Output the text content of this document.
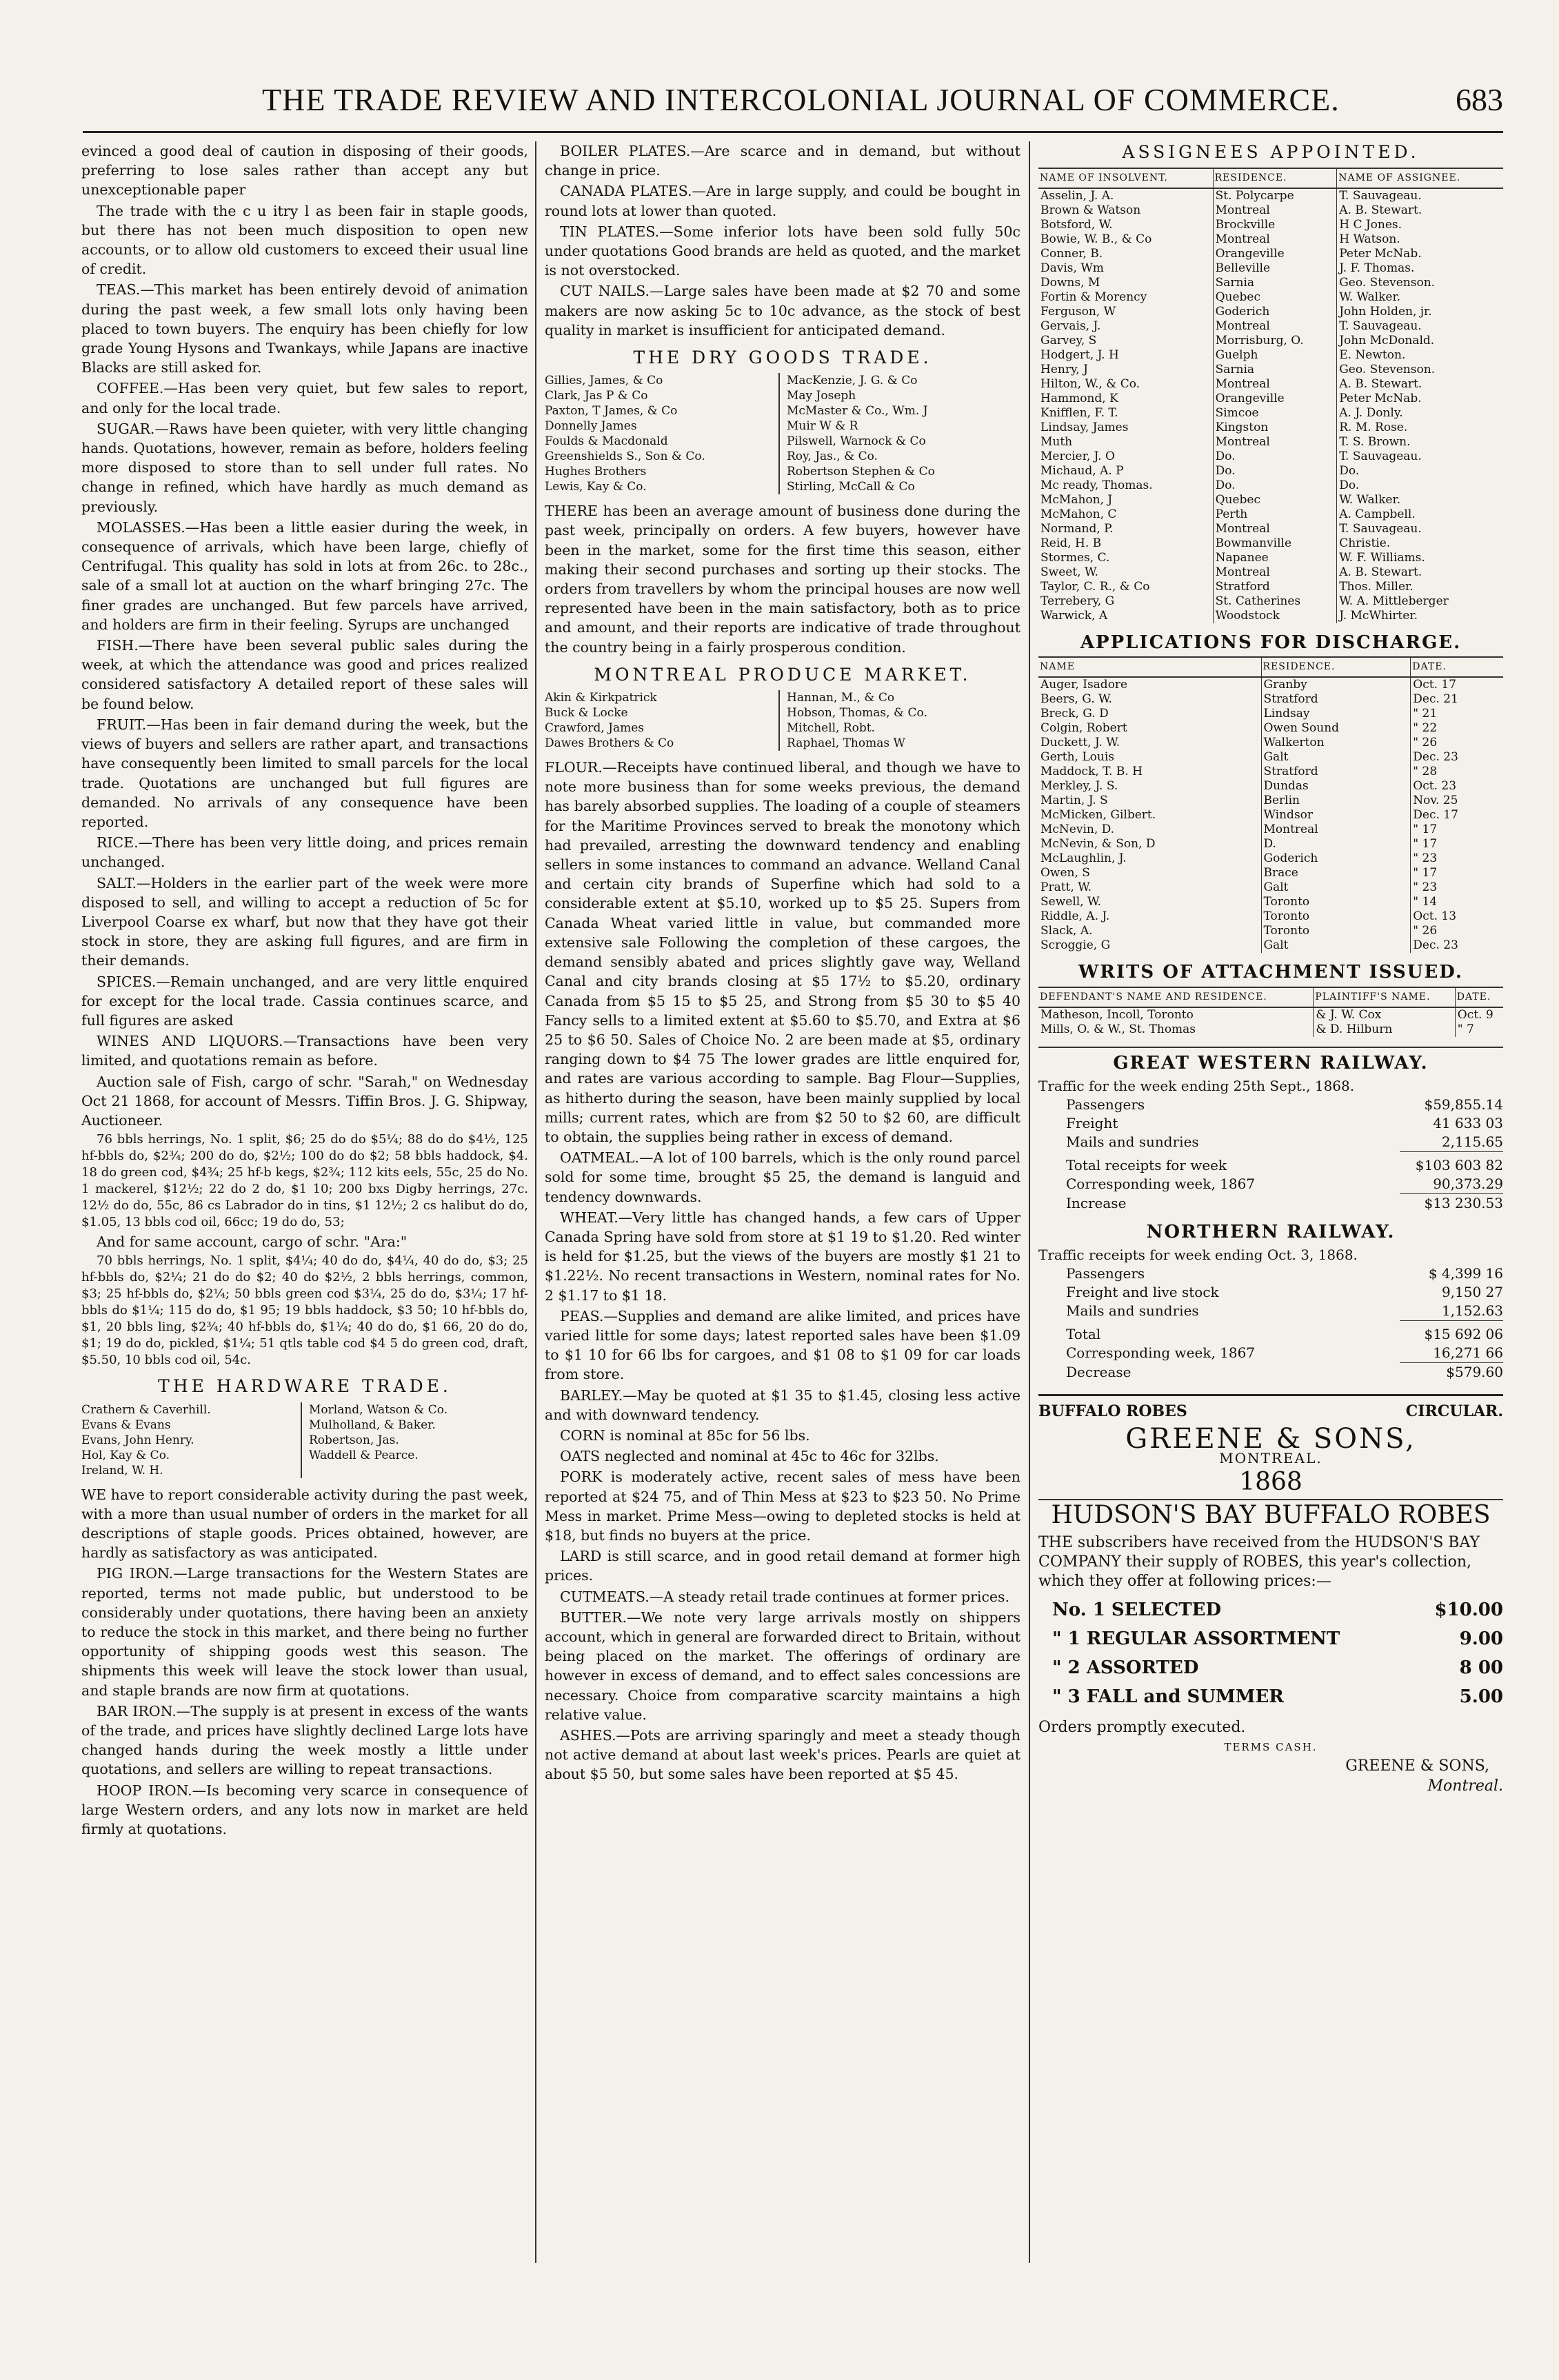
THE TRADE REVIEW AND INTERCOLONIAL JOURNAL OF COMMERCE.	683

evinced a good deal of caution in disposing of their goods, preferring to lose sales rather than accept any but unexceptionable paper

The trade with the c u itry l as been fair in staple goods, but there has not been much disposition to open new accounts, or to allow old customers to exceed their usual line of credit.

TEAS.—This market has been entirely devoid of animation during the past week, a few small lots only having been placed to town buyers. The enquiry has been chiefly for low grade Young Hysons and Twankays, while Japans are inactive Blacks are still asked for.

COFFEE.—Has been very quiet, but few sales to report, and only for the local trade.

SUGAR.—Raws have been quieter, with very little changing hands. Quotations, however, remain as before, holders feeling more disposed to store than to sell under full rates. No change in refined, which have hardly as much demand as previously.

MOLASSES.—Has been a little easier during the week, in consequence of arrivals, which have been large, chiefly of Centrifugal. This quality has sold in lots at from 26c. to 28c., sale of a small lot at auction on the wharf bringing 27c. The finer grades are unchanged. But few parcels have arrived, and holders are firm in their feeling. Syrups are unchanged

FISH.—There have been several public sales during the week, at which the attendance was good and prices realized considered satisfactory A detailed report of these sales will be found below.

FRUIT.—Has been in fair demand during the week, but the views of buyers and sellers are rather apart, and transactions have consequently been limited to small parcels for the local trade. Quotations are unchanged but full figures are demanded. No arrivals of any consequence have been reported.

RICE.—There has been very little doing, and prices remain unchanged.

SALT.—Holders in the earlier part of the week were more disposed to sell, and willing to accept a reduction of 5c for Liverpool Coarse ex wharf, but now that they have got their stock in store, they are asking full figures, and are firm in their demands.

SPICES.—Remain unchanged, and are very little enquired for except for the local trade. Cassia continues scarce, and full figures are asked

WINES AND LIQUORS.—Transactions have been very limited, and quotations remain as before.

Auction sale of Fish, cargo of schr. "Sarah," on Wednesday Oct 21 1868, for account of Messrs. Tiffin Bros. J. G. Shipway, Auctioneer.

76 bbls herrings, No. 1 split, $6; 25 do do $5¼; 88 do do $4½, 125 hf-bbls do, $2¾; 200 do do, $2½; 100 do do $2; 58 bbls haddock, $4. 18 do green cod, $4¾; 25 hf-b kegs, $2¾; 112 kits eels, 55c, 25 do No. 1 mackerel, $12½; 22 do 2 do, $1 10; 200 bxs Digby herrings, 27c. 12½ do do, 55c, 86 cs Labrador do in tins, $1 12½; 2 cs halibut do do, $1.05, 13 bbls cod oil, 66cc; 19 do do, 53;

And for same account, cargo of schr. "Ara:"

70 bbls herrings, No. 1 split, $4¼; 40 do do, $4¼, 40 do do, $3; 25 hf-bbls do, $2¼; 21 do do $2; 40 do $2½, 2 bbls herrings, common, $3; 25 hf-bbls do, $2¼; 50 bbls green cod $3¼, 25 do do, $3¼; 17 hf-bbls do $1¼; 115 do do, $1 95; 19 bbls haddock, $3 50; 10 hf-bbls do, $1, 20 bbls ling, $2¾; 40 hf-bbls do, $1¼; 40 do do, $1 66, 20 do do, $1; 19 do do, pickled, $1¼; 51 qtls table cod $4 5 do green cod, draft, $5.50, 10 bbls cod oil, 54c.

THE HARDWARE TRADE.
Crathern & Caverhill.
Evans & Evans
Evans, John Henry.
Hol, Kay & Co.
Ireland, W. H.
Morland, Watson & Co.
Mulholland, & Baker.
Robertson, Jas.
Waddell & Pearce.

WE have to report considerable activity during the past week, with a more than usual number of orders in the market for all descriptions of staple goods. Prices obtained, however, are hardly as satisfactory as was anticipated.

PIG IRON.—Large transactions for the Western States are reported, terms not made public, but understood to be considerably under quotations, there having been an anxiety to reduce the stock in this market, and there being no further opportunity of shipping goods west this season. The shipments this week will leave the stock lower than usual, and staple brands are now firm at quotations.

BAR IRON.—The supply is at present in excess of the wants of the trade, and prices have slightly declined Large lots have changed hands during the week mostly a little under quotations, and sellers are willing to repeat transactions.

HOOP IRON.—Is becoming very scarce in consequence of large Western orders, and any lots now in market are held firmly at quotations.

BOILER PLATES.—Are scarce and in demand, but without change in price.

CANADA PLATES.—Are in large supply, and could be bought in round lots at lower than quoted.

TIN PLATES.—Some inferior lots have been sold fully 50c under quotations Good brands are held as quoted, and the market is not overstocked.

CUT NAILS.—Large sales have been made at $2 70 and some makers are now asking 5c to 10c advance, as the stock of best quality in market is insufficient for anticipated demand.

THE DRY GOODS TRADE.
Gillies, James, & Co
Clark, Jas P & Co
Paxton, T James, & Co
Donnelly James
Foulds & Macdonald
Greenshields S., Son & Co.
Hughes Brothers
Lewis, Kay & Co.
MacKenzie, J. G. & Co
May Joseph
McMaster & Co., Wm. J
Muir W & R
Pilswell, Warnock & Co
Roy, Jas., & Co.
Robertson Stephen & Co
Stirling, McCall & Co

THERE has been an average amount of business done during the past week, principally on orders. A few buyers, however have been in the market, some for the first time this season, either making their second purchases and sorting up their stocks. The orders from travellers by whom the principal houses are now well represented have been in the main satisfactory, both as to price and amount, and their reports are indicative of trade throughout the country being in a fairly prosperous condition.

MONTREAL PRODUCE MARKET.
Akin & Kirkpatrick
Buck & Locke
Crawford, James
Dawes Brothers & Co
Hannan, M., & Co
Hobson, Thomas, & Co.
Mitchell, Robt.
Raphael, Thomas W

FLOUR.—Receipts have continued liberal, and though we have to note more business than for some weeks previous, the demand has barely absorbed supplies. The loading of a couple of steamers for the Maritime Provinces served to break the monotony which had prevailed, arresting the downward tendency and enabling sellers in some instances to command an advance. Welland Canal and certain city brands of Superfine which had sold to a considerable extent at $5.10, worked up to $5 25. Supers from Canada Wheat varied little in value, but commanded more extensive sale Following the completion of these cargoes, the demand sensibly abated and prices slightly gave way, Welland Canal and city brands closing at $5 17½ to $5.20, ordinary Canada from $5 15 to $5 25, and Strong from $5 30 to $5 40 Fancy sells to a limited extent at $5.60 to $5.70, and Extra at $6 25 to $6 50. Sales of Choice No. 2 are been made at $5, ordinary ranging down to $4 75 The lower grades are little enquired for, and rates are various according to sample. Bag Flour—Supplies, as hitherto during the season, have been mainly supplied by local mills; current rates, which are from $2 50 to $2 60, are difficult to obtain, the supplies being rather in excess of demand.

OATMEAL.—A lot of 100 barrels, which is the only round parcel sold for some time, brought $5 25, the demand is languid and tendency downwards.

WHEAT.—Very little has changed hands, a few cars of Upper Canada Spring have sold from store at $1 19 to $1.20. Red winter is held for $1.25, but the views of the buyers are mostly $1 21 to $1.22½. No recent transactions in Western, nominal rates for No. 2 $1.17 to $1 18.

PEAS.—Supplies and demand are alike limited, and prices have varied little for some days; latest reported sales have been $1.09 to $1 10 for 66 lbs for cargoes, and $1 08 to $1 09 for car loads from store.

BARLEY.—May be quoted at $1 35 to $1.45, closing less active and with downward tendency.

CORN is nominal at 85c for 56 lbs.

OATS neglected and nominal at 45c to 46c for 32lbs.

PORK is moderately active, recent sales of mess have been reported at $24 75, and of Thin Mess at $23 to $23 50. No Prime Mess in market. Prime Mess—owing to depleted stocks is held at $18, but finds no buyers at the price.

LARD is still scarce, and in good retail demand at former high prices.

CUTMEATS.—A steady retail trade continues at former prices.

BUTTER.—We note very large arrivals mostly on shippers account, which in general are forwarded direct to Britain, without being placed on the market. The offerings of ordinary are however in excess of demand, and to effect sales concessions are necessary. Choice from comparative scarcity maintains a high relative value.

ASHES.—Pots are arriving sparingly and meet a steady though not active demand at about last week's prices. Pearls are quiet at about $5 50, but some sales have been reported at $5 45.

ASSIGNEES APPOINTED.
NAME OF INSOLVENT.	RESIDENCE.	NAME OF ASSIGNEE.
Asselin, J. A.	St. Polycarpe	T. Sauvageau.
Brown & Watson	Montreal	A. B. Stewart.
Botsford, W.	Brockville	H C Jones.
Bowie, W. B., & Co	Montreal	H Watson.
Conner, B.	Orangeville	Peter McNab.
Davis, Wm	Belleville	J. F. Thomas.
Downs, M	Sarnia	Geo. Stevenson.
Fortin & Morency	Quebec	W. Walker.
Ferguson, W	Goderich	John Holden, jr.
Gervais, J.	Montreal	T. Sauvageau.
Garvey, S	Morrisburg, O.	John McDonald.
Hodgert, J. H	Guelph	E. Newton.
Henry, J	Sarnia	Geo. Stevenson.
Hilton, W., & Co.	Montreal	A. B. Stewart.
Hammond, K	Orangeville	Peter McNab.
Knifflen, F. T.	Simcoe	A. J. Donly.
Lindsay, James	Kingston	R. M. Rose.
Muth	Montreal	T. S. Brown.
Mercier, J. O	Do.	T. Sauvageau.
Michaud, A. P	Do.	Do.
Mc ready, Thomas.	Do.	Do.
McMahon, J	Quebec	W. Walker.
McMahon, C	Perth	A. Campbell.
Normand, P.	Montreal	T. Sauvageau.
Reid, H. B	Bowmanville	Christie.
Stormes, C.	Napanee	W. F. Williams.
Sweet, W.	Montreal	A. B. Stewart.
Taylor, C. R., & Co	Stratford	Thos. Miller.
Terrebery, G	St. Catherines	W. A. Mittleberger
Warwick, A	Woodstock	J. McWhirter.
APPLICATIONS FOR DISCHARGE.
NAME	RESIDENCE.	DATE.
Auger, Isadore	Granby	Oct. 17
Beers, G. W.	Stratford	Dec. 21
Breck, G. D	Lindsay	" 21
Colgin, Robert	Owen Sound	" 22
Duckett, J. W.	Walkerton	" 26
Gerth, Louis	Galt	Dec. 23
Maddock, T. B. H	Stratford	" 28
Merkley, J. S.	Dundas	Oct. 23
Martin, J. S	Berlin	Nov. 25
McMicken, Gilbert.	Windsor	Dec. 17
McNevin, D.	Montreal	" 17
McNevin, & Son, D	D.	" 17
McLaughlin, J.	Goderich	" 23
Owen, S	Brace	" 17
Pratt, W.	Galt	" 23
Sewell, W.	Toronto	" 14
Riddle, A. J.	Toronto	Oct. 13
Slack, A.	Toronto	" 26
Scroggie, G	Galt	Dec. 23
WRITS OF ATTACHMENT ISSUED.
DEFENDANT'S NAME AND RESIDENCE.	PLAINTIFF'S NAME.	DATE.
Matheson, Incoll, Toronto	& J. W. Cox	Oct. 9
Mills, O. & W., St. Thomas	& D. Hilburn	" 7
GREAT WESTERN RAILWAY.
Traffic for the week ending 25th Sept., 1868.
Passengers	$59,855.14
Freight	41 633 03
Mails and sundries	2,115.65
Total receipts for week	$103 603 82
Corresponding week, 1867	90,373.29
Increase	$13 230.53
NORTHERN RAILWAY.
Traffic receipts for week ending Oct. 3, 1868.
Passengers	$ 4,399 16
Freight and live stock	9,150 27
Mails and sundries	1,152.63
Total	$15 692 06
Corresponding week, 1867	16,271 66
Decrease	$579.60
BUFFALO ROBES	CIRCULAR.
GREENE & SONS,
MONTREAL.
1868
HUDSON'S BAY BUFFALO ROBES

THE subscribers have received from the HUDSON'S BAY COMPANY their supply of ROBES, this year's collection, which they offer at following prices:—

No. 1 SELECTED	$10.00
" 1 REGULAR ASSORTMENT	9.00
" 2 ASSORTED	8 00
" 3 FALL and SUMMER	5.00
Orders promptly executed.
TERMS CASH.
GREENE & SONS,
Montreal.
